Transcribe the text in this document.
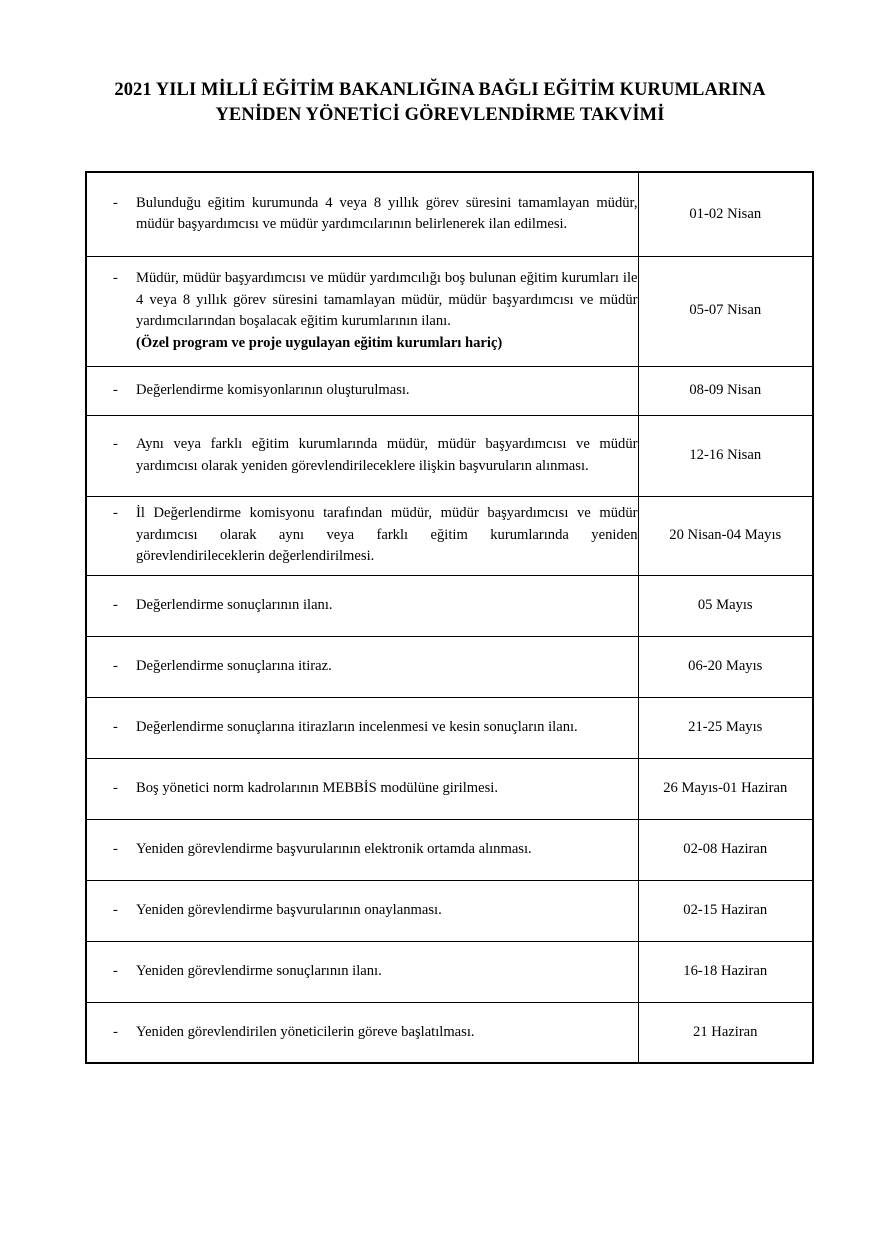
2021 YILI MİLLÎ EĞİTİM BAKANLIĞINA BAĞLI EĞİTİM KURUMLARINA
YENİDEN YÖNETİCİ GÖREVLENDİRME TAKVİMİ
- Bulunduğu eğitim kurumunda 4 veya 8 yıllık görev süresini tamamlayan müdür, müdür başyardımcısı ve müdür yardımcılarının belirlenerek ilan edilmesi.	01-02 Nisan

- Müdür, müdür başyardımcısı ve müdür yardımcılığı boş bulunan eğitim kurumları ile 4 veya 8 yıllık görev süresini tamamlayan müdür, müdür başyardımcısı ve müdür yardımcılarından boşalacak eğitim kurumlarının ilanı.
(Özel program ve proje uygulayan eğitim kurumları hariç)	05-07 Nisan

- Değerlendirme komisyonlarının oluşturulması.	08-09 Nisan

- Aynı veya farklı eğitim kurumlarında müdür, müdür başyardımcısı ve müdür yardımcısı olarak yeniden görevlendirileceklere ilişkin başvuruların alınması.	12-16 Nisan

- İl Değerlendirme komisyonu tarafından müdür, müdür başyardımcısı ve müdür yardımcısı olarak aynı veya farklı eğitim kurumlarında yeniden görevlendirileceklerin değerlendirilmesi.	20 Nisan-04 Mayıs

- Değerlendirme sonuçlarının ilanı.	05 Mayıs

- Değerlendirme sonuçlarına itiraz.	06-20 Mayıs

- Değerlendirme sonuçlarına itirazların incelenmesi ve kesin sonuçların ilanı.	21-25 Mayıs

- Boş yönetici norm kadrolarının MEBBİS modülüne girilmesi.	26 Mayıs-01 Haziran

- Yeniden görevlendirme başvurularının elektronik ortamda alınması.	02-08 Haziran

- Yeniden görevlendirme başvurularının onaylanması.	02-15 Haziran

- Yeniden görevlendirme sonuçlarının ilanı.	16-18 Haziran

- Yeniden görevlendirilen yöneticilerin göreve başlatılması.	21 Haziran
